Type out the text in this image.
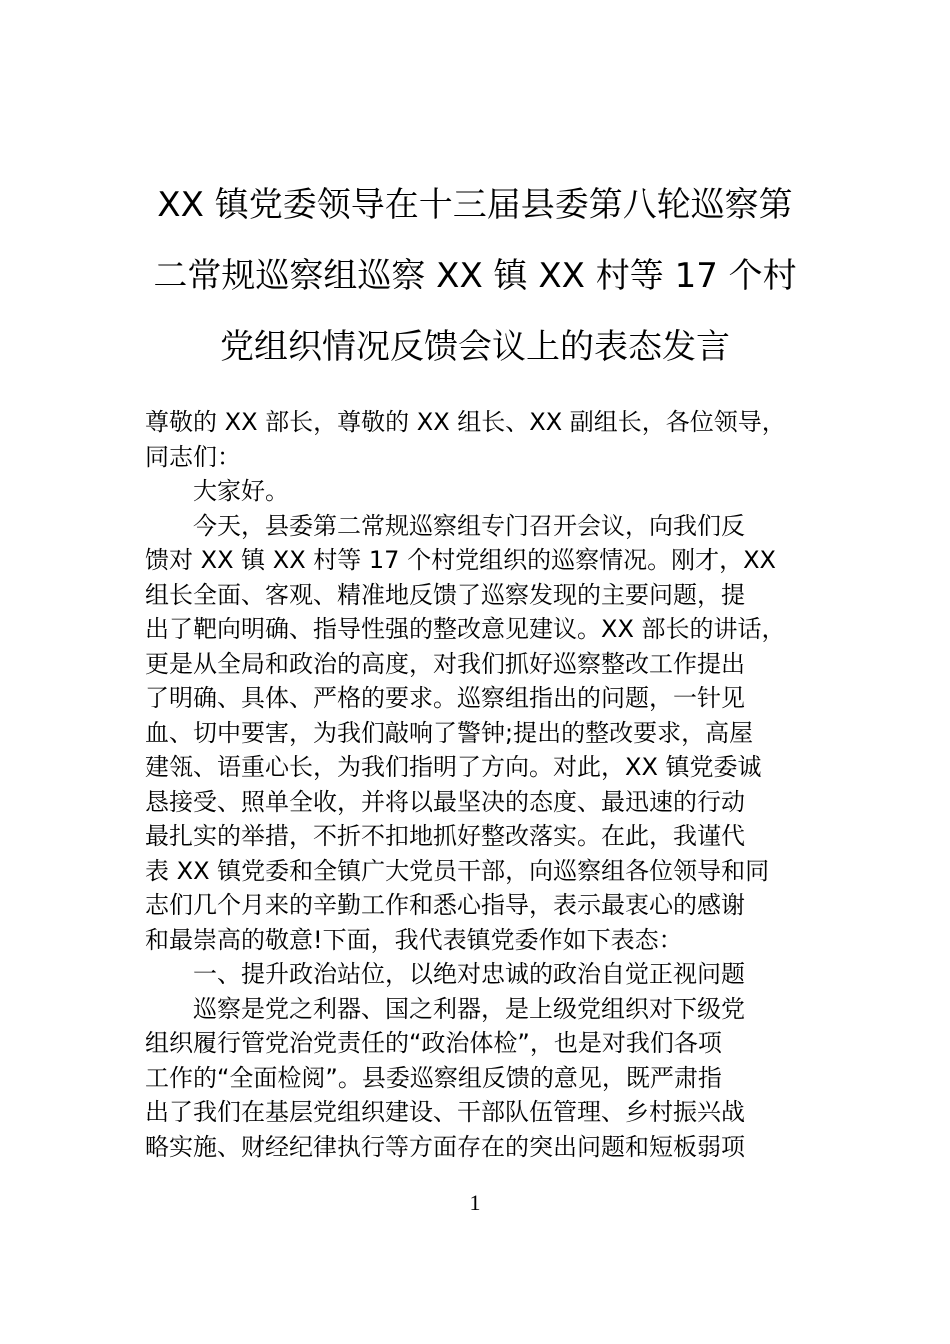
XX 镇党委领导在十三届县委第八轮巡察第
二常规巡察组巡察 XX 镇 XX 村等 17 个村
党组织情况反馈会议上的表态发言
尊敬的 XX 部长，尊敬的 XX 组长、XX 副组长，各位领导，
同志们：
大家好。
今天，县委第二常规巡察组专门召开会议，向我们反
馈对 XX 镇 XX 村等 17 个村党组织的巡察情况。刚才，XX
组长全面、客观、精准地反馈了巡察发现的主要问题，提
出了靶向明确、指导性强的整改意见建议。XX 部长的讲话，
更是从全局和政治的高度，对我们抓好巡察整改工作提出
了明确、具体、严格的要求。巡察组指出的问题，一针见
血、切中要害，为我们敲响了警钟;提出的整改要求，高屋
建瓴、语重心长，为我们指明了方向。对此，XX 镇党委诚
恳接受、照单全收，并将以最坚决的态度、最迅速的行动
最扎实的举措，不折不扣地抓好整改落实。在此，我谨代
表 XX 镇党委和全镇广大党员干部，向巡察组各位领导和同
志们几个月来的辛勤工作和悉心指导，表示最衷心的感谢
和最崇高的敬意!下面，我代表镇党委作如下表态：
一、提升政治站位，以绝对忠诚的政治自觉正视问题
巡察是党之利器、国之利器，是上级党组织对下级党
组织履行管党治党责任的“政治体检”，也是对我们各项
工作的“全面检阅”。县委巡察组反馈的意见，既严肃指
出了我们在基层党组织建设、干部队伍管理、乡村振兴战
略实施、财经纪律执行等方面存在的突出问题和短板弱项
1
